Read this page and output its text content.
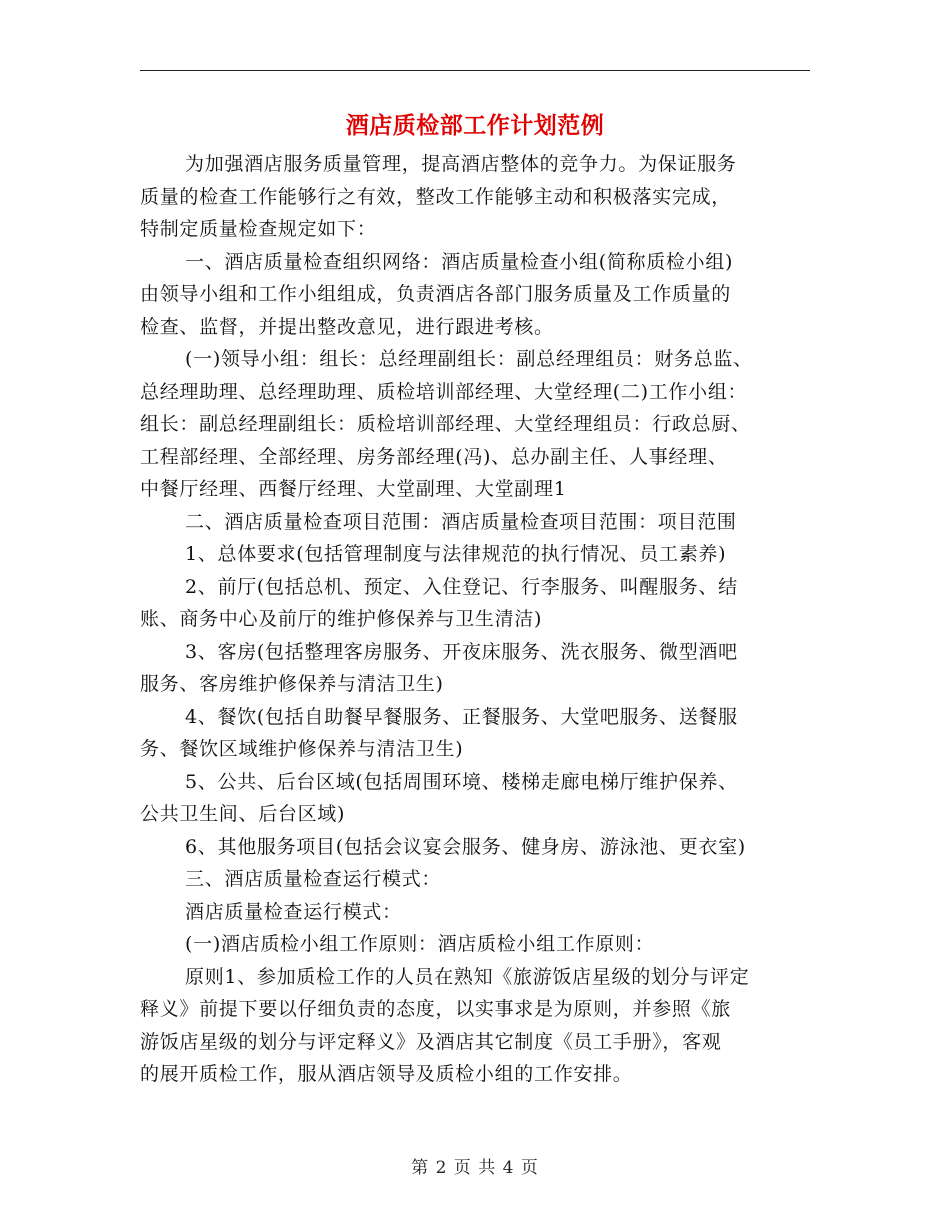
酒店质检部工作计划范例
为加强酒店服务质量管理，提高酒店整体的竞争力。为保证服务
质量的检查工作能够行之有效，整改工作能够主动和积极落实完成，
特制定质量检查规定如下：
一、酒店质量检查组织网络：酒店质量检查小组(简称质检小组)
由领导小组和工作小组组成，负责酒店各部门服务质量及工作质量的
检查、监督，并提出整改意见，进行跟进考核。
(一)领导小组：组长：总经理副组长：副总经理组员：财务总监、
总经理助理、总经理助理、质检培训部经理、大堂经理(二)工作小组：
组长：副总经理副组长：质检培训部经理、大堂经理组员：行政总厨、
工程部经理、全部经理、房务部经理(冯)、总办副主任、人事经理、
中餐厅经理、西餐厅经理、大堂副理、大堂副理1
二、酒店质量检查项目范围：酒店质量检查项目范围：项目范围
1、总体要求(包括管理制度与法律规范的执行情况、员工素养)
2、前厅(包括总机、预定、入住登记、行李服务、叫醒服务、结
账、商务中心及前厅的维护修保养与卫生清洁)
3、客房(包括整理客房服务、开夜床服务、洗衣服务、微型酒吧
服务、客房维护修保养与清洁卫生)
4、餐饮(包括自助餐早餐服务、正餐服务、大堂吧服务、送餐服
务、餐饮区域维护修保养与清洁卫生)
5、公共、后台区域(包括周围环境、楼梯走廊电梯厅维护保养、
公共卫生间、后台区域)
6、其他服务项目(包括会议宴会服务、健身房、游泳池、更衣室)
三、酒店质量检查运行模式：
酒店质量检查运行模式：
(一)酒店质检小组工作原则：酒店质检小组工作原则：
原则1、参加质检工作的人员在熟知《旅游饭店星级的划分与评定
释义》前提下要以仔细负责的态度，以实事求是为原则，并参照《旅
游饭店星级的划分与评定释义》及酒店其它制度《员工手册》，客观
的展开质检工作，服从酒店领导及质检小组的工作安排。
第 2 页 共 4 页
